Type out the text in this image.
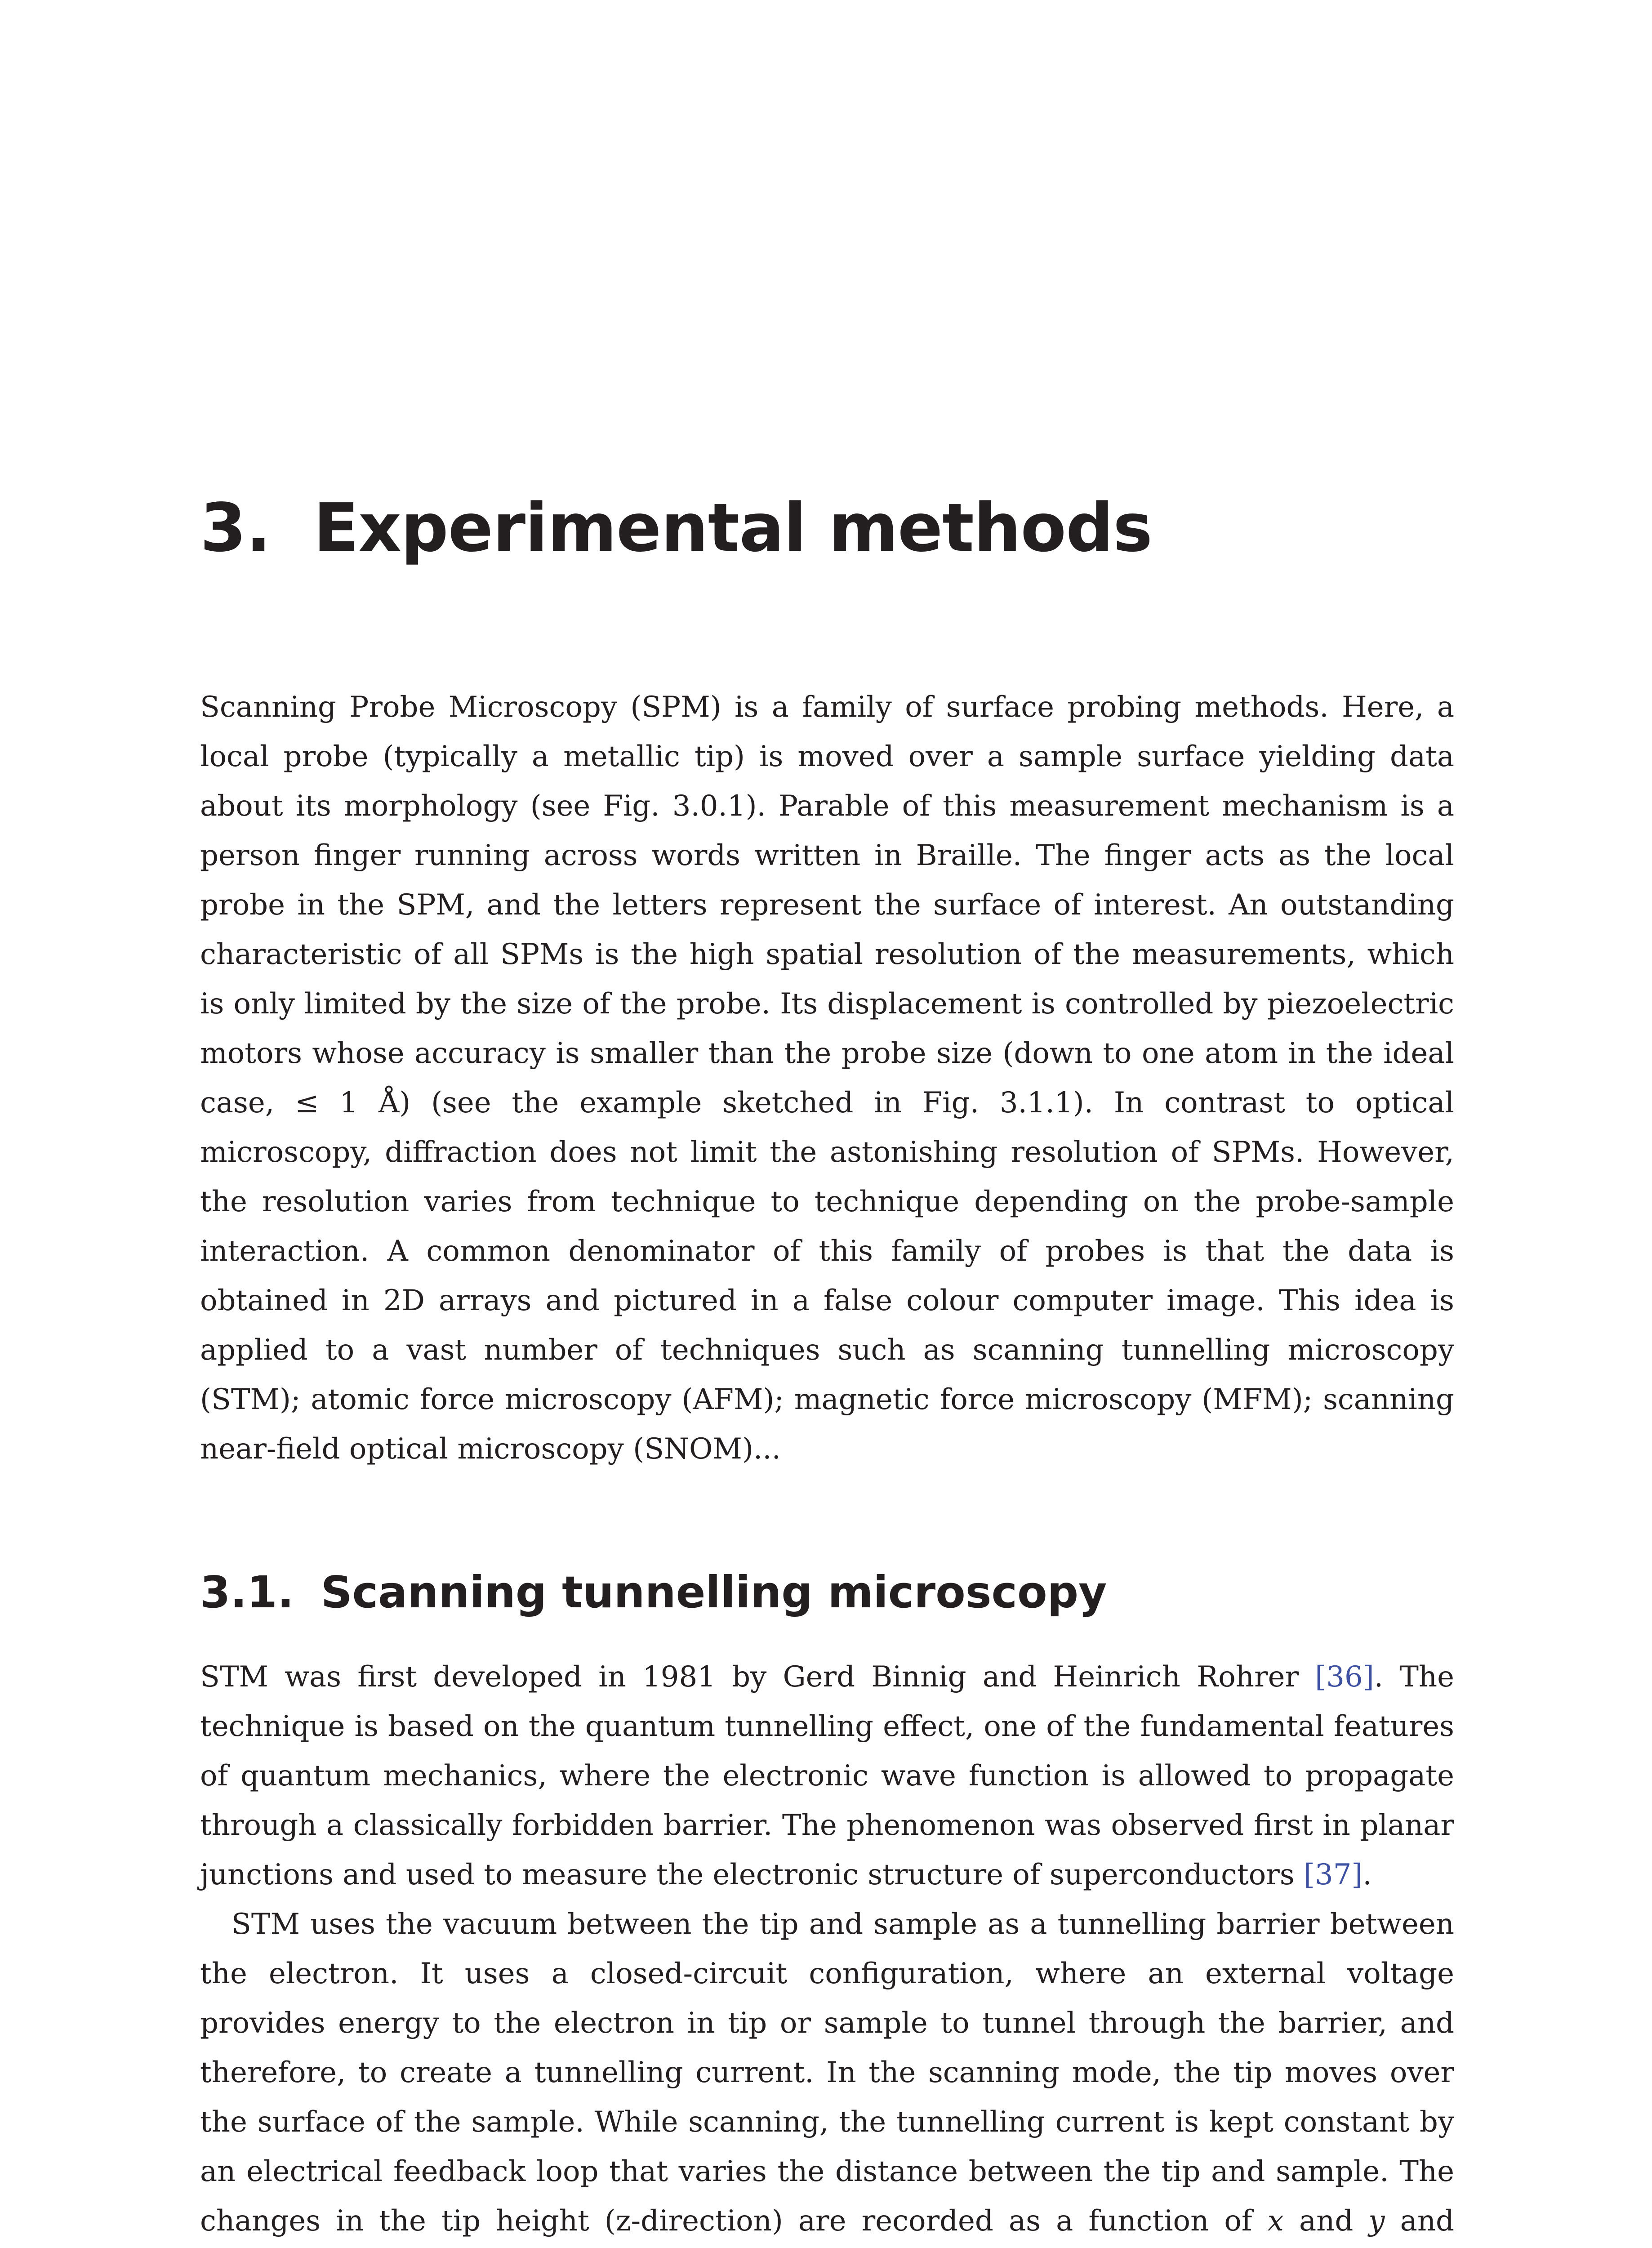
3. Experimental methods

Scanning Probe Microscopy (SPM) is a family of surface probing methods. Here, a local probe (typically a metallic tip) is moved over a sample surface yielding data about its morphology (see Fig. 3.0.1). Parable of this measurement mechanism is a person finger running across words written in Braille. The finger acts as the local probe in the SPM, and the letters represent the surface of interest. An outstanding characteristic of all SPMs is the high spatial resolution of the measurements, which is only limited by the size of the probe. Its displacement is controlled by piezoelectric motors whose accuracy is smaller than the probe size (down to one atom in the ideal case, ≤ 1 Å) (see the example sketched in Fig. 3.1.1). In contrast to optical microscopy, diffraction does not limit the astonishing resolution of SPMs. However, the resolution varies from technique to technique depending on the probe-sample interaction. A common denominator of this family of probes is that the data is obtained in 2D arrays and pictured in a false colour computer image. This idea is applied to a vast number of techniques such as scanning tunnelling microscopy (STM); atomic force microscopy (AFM); magnetic force microscopy (MFM); scanning near-field optical microscopy (SNOM)...

3.1. Scanning tunnelling microscopy

STM was first developed in 1981 by Gerd Binnig and Heinrich Rohrer [36]. The technique is based on the quantum tunnelling effect, one of the fundamental features of quantum mechanics, where the electronic wave function is allowed to propagate through a classically forbidden barrier. The phenomenon was observed first in planar junctions and used to measure the electronic structure of superconductors [37].

STM uses the vacuum between the tip and sample as a tunnelling barrier between the electron. It uses a closed-circuit configuration, where an external voltage provides energy to the electron in tip or sample to tunnel through the barrier, and therefore, to create a tunnelling current. In the scanning mode, the tip moves over the surface of the sample. While scanning, the tunnelling current is kept constant by an electrical feedback loop that varies the distance between the tip and sample. The changes in the tip height (z-direction) are recorded as a function of x and y and
